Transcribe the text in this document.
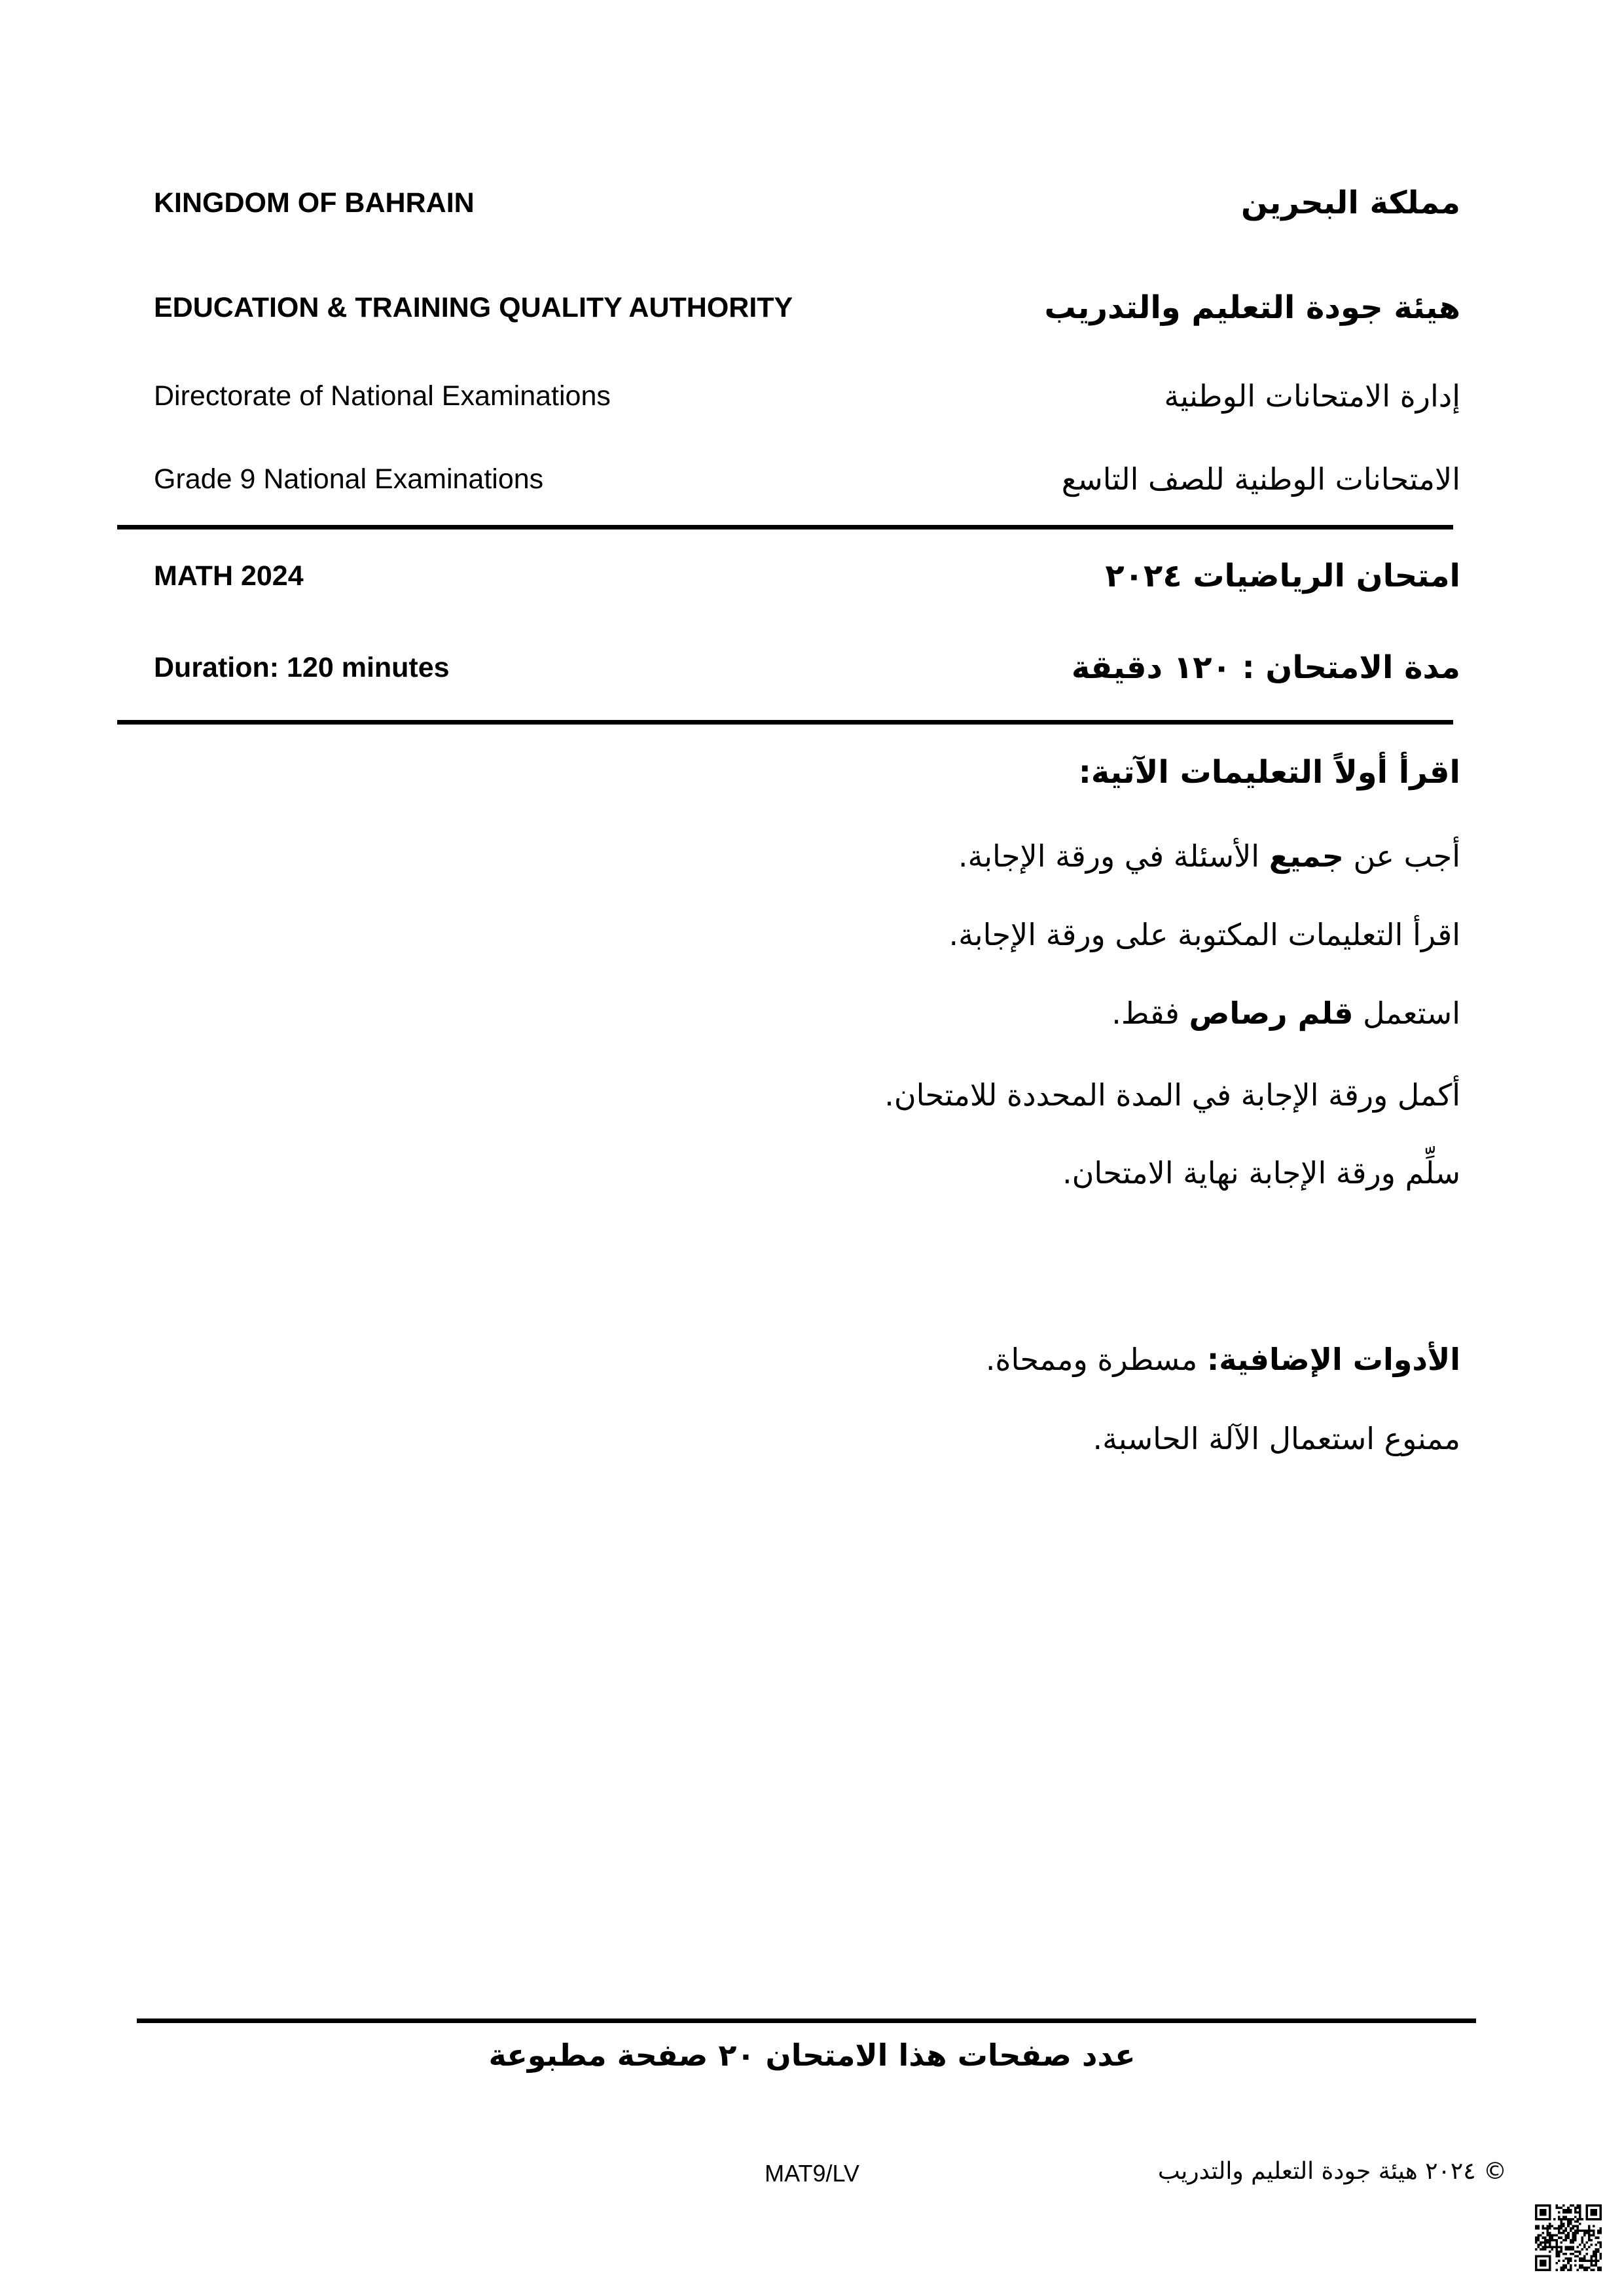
KINGDOM OF BAHRAIN	مملكة البحرين
EDUCATION & TRAINING QUALITY AUTHORITY	هيئة جودة التعليم والتدريب
Directorate of National Examinations	إدارة الامتحانات الوطنية
Grade 9 National Examinations	الامتحانات الوطنية للصف التاسع
MATH 2024	امتحان الرياضيات ٢٠٢٤
Duration: 120 minutes	مدة الامتحان : ١٢٠ دقيقة
اقرأ أولاً التعليمات الآتية:
أجب عن جميع الأسئلة في ورقة الإجابة.
اقرأ التعليمات المكتوبة على ورقة الإجابة.
استعمل قلم رصاص فقط.
أكمل ورقة الإجابة في المدة المحددة للامتحان.
سلِّم ورقة الإجابة نهاية الامتحان.
الأدوات الإضافية: مسطرة وممحاة.
ممنوع استعمال الآلة الحاسبة.
عدد صفحات هذا الامتحان ٢٠ صفحة مطبوعة
MAT9/LV	© ٢٠٢٤ هيئة جودة التعليم والتدريب
